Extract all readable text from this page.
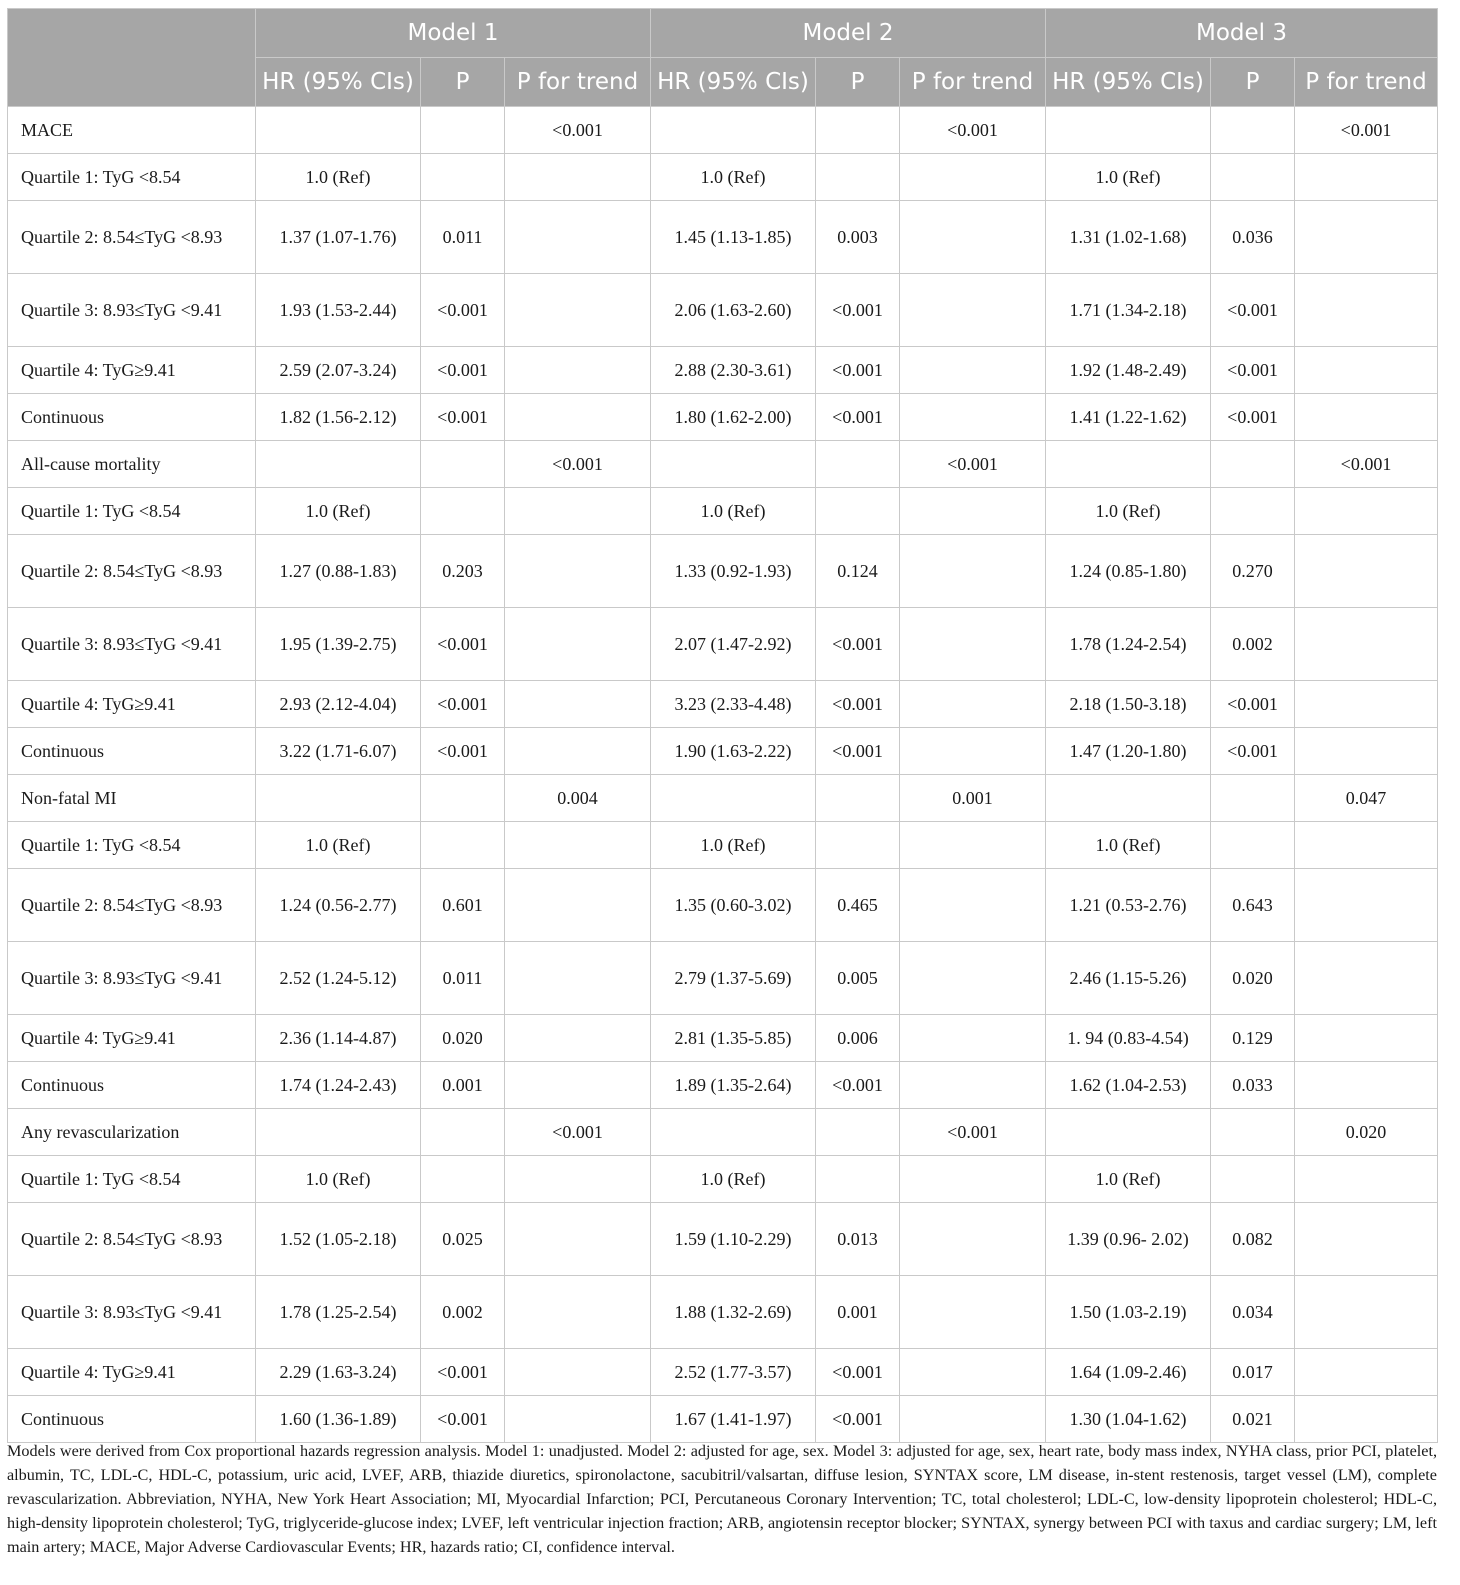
	Model 1			Model 2			Model 3		
	HR (95% CIs)	P	P for trend	HR (95% CIs)	P	P for trend	HR (95% CIs)	P	P for trend
MACE			<0.001			<0.001			<0.001
Quartile 1: TyG <8.54	1.0 (Ref)			1.0 (Ref)			1.0 (Ref)		
Quartile 2: 8.54≤TyG <8.93	1.37 (1.07-1.76)	0.011		1.45 (1.13-1.85)	0.003		1.31 (1.02-1.68)	0.036	
Quartile 3: 8.93≤TyG <9.41	1.93 (1.53-2.44)	<0.001		2.06 (1.63-2.60)	<0.001		1.71 (1.34-2.18)	<0.001	
Quartile 4: TyG≥9.41	2.59 (2.07-3.24)	<0.001		2.88 (2.30-3.61)	<0.001		1.92 (1.48-2.49)	<0.001	
Continuous	1.82 (1.56-2.12)	<0.001		1.80 (1.62-2.00)	<0.001		1.41 (1.22-1.62)	<0.001	
All-cause mortality			<0.001			<0.001			<0.001
Quartile 1: TyG <8.54	1.0 (Ref)			1.0 (Ref)			1.0 (Ref)		
Quartile 2: 8.54≤TyG <8.93	1.27 (0.88-1.83)	0.203		1.33 (0.92-1.93)	0.124		1.24 (0.85-1.80)	0.270	
Quartile 3: 8.93≤TyG <9.41	1.95 (1.39-2.75)	<0.001		2.07 (1.47-2.92)	<0.001		1.78 (1.24-2.54)	0.002	
Quartile 4: TyG≥9.41	2.93 (2.12-4.04)	<0.001		3.23 (2.33-4.48)	<0.001		2.18 (1.50-3.18)	<0.001	
Continuous	3.22 (1.71-6.07)	<0.001		1.90 (1.63-2.22)	<0.001		1.47 (1.20-1.80)	<0.001	
Non-fatal MI			0.004			0.001			0.047
Quartile 1: TyG <8.54	1.0 (Ref)			1.0 (Ref)			1.0 (Ref)		
Quartile 2: 8.54≤TyG <8.93	1.24 (0.56-2.77)	0.601		1.35 (0.60-3.02)	0.465		1.21 (0.53-2.76)	0.643	
Quartile 3: 8.93≤TyG <9.41	2.52 (1.24-5.12)	0.011		2.79 (1.37-5.69)	0.005		2.46 (1.15-5.26)	0.020	
Quartile 4: TyG≥9.41	2.36 (1.14-4.87)	0.020		2.81 (1.35-5.85)	0.006		1. 94 (0.83-4.54)	0.129	
Continuous	1.74 (1.24-2.43)	0.001		1.89 (1.35-2.64)	<0.001		1.62 (1.04-2.53)	0.033	
Any revascularization			<0.001			<0.001			0.020
Quartile 1: TyG <8.54	1.0 (Ref)			1.0 (Ref)			1.0 (Ref)		
Quartile 2: 8.54≤TyG <8.93	1.52 (1.05-2.18)	0.025		1.59 (1.10-2.29)	0.013		1.39 (0.96- 2.02)	0.082	
Quartile 3: 8.93≤TyG <9.41	1.78 (1.25-2.54)	0.002		1.88 (1.32-2.69)	0.001		1.50 (1.03-2.19)	0.034	
Quartile 4: TyG≥9.41	2.29 (1.63-3.24)	<0.001		2.52 (1.77-3.57)	<0.001		1.64 (1.09-2.46)	0.017	
Continuous	1.60 (1.36-1.89)	<0.001		1.67 (1.41-1.97)	<0.001		1.30 (1.04-1.62)	0.021	
Models were derived from Cox proportional hazards regression analysis. Model 1: unadjusted. Model 2: adjusted for age, sex. Model 3: adjusted for age, sex, heart rate, body mass index, NYHA class, prior PCI, platelet, albumin, TC, LDL-C, HDL-C, potassium, uric acid, LVEF, ARB, thiazide diuretics, spironolactone, sacubitril/valsartan, diffuse lesion, SYNTAX score, LM disease, in-stent restenosis, target vessel (LM), complete revascularization. Abbreviation, NYHA, New York Heart Association; MI, Myocardial Infarction; PCI, Percutaneous Coronary Intervention; TC, total cholesterol; LDL-C, low-density lipoprotein cholesterol; HDL-C, high-density lipoprotein cholesterol; TyG, triglyceride-glucose index; LVEF, left ventricular injection fraction; ARB, angiotensin receptor blocker; SYNTAX, synergy between PCI with taxus and cardiac surgery; LM, left main artery; MACE, Major Adverse Cardiovascular Events; HR, hazards ratio; CI, confidence interval.
